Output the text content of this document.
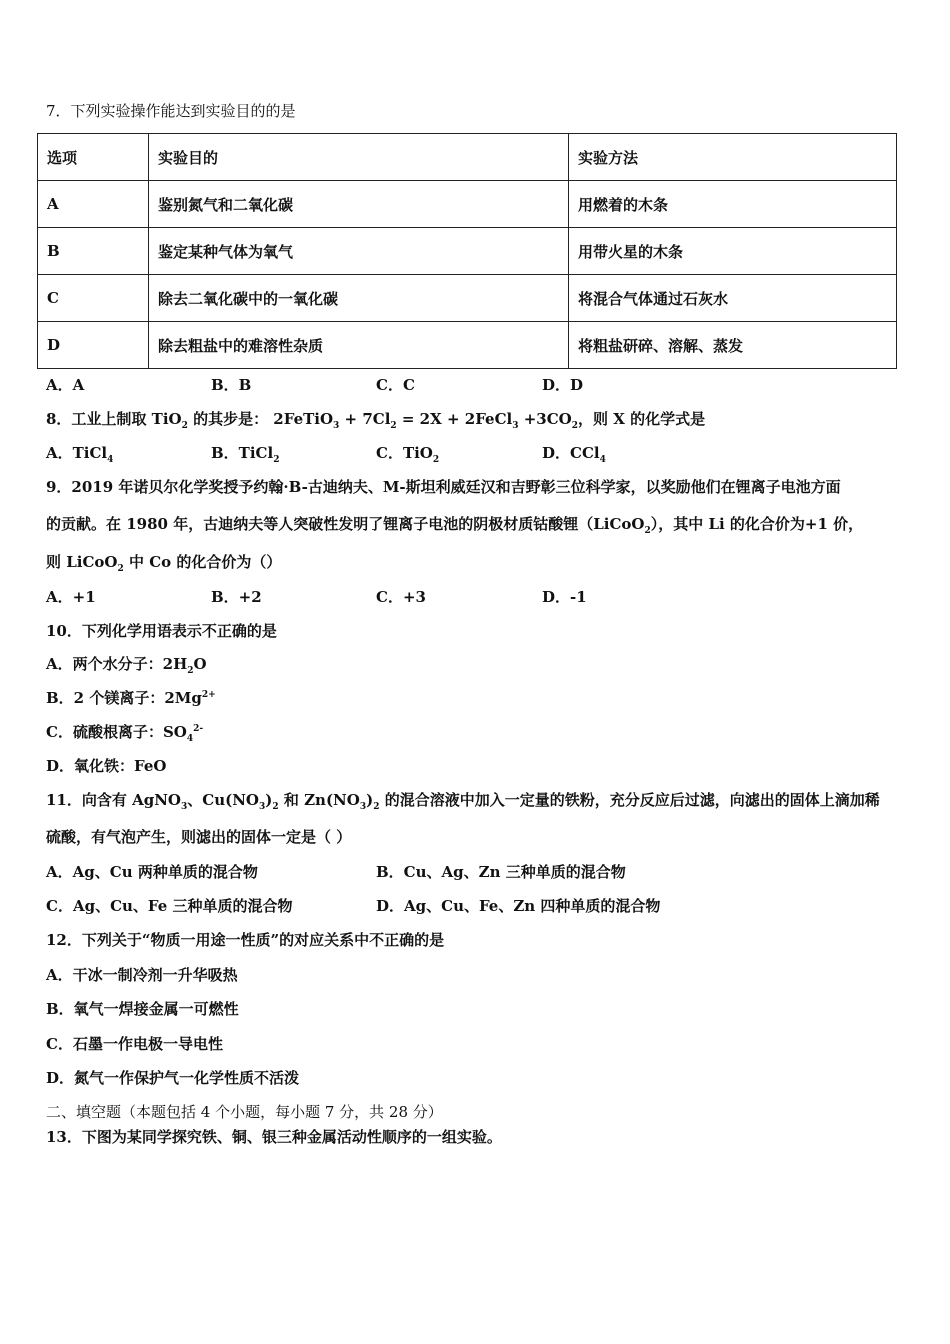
7．下列实验操作能达到实验目的的是
选项	实验目的	实验方法
A	鉴别氮气和二氧化碳	用燃着的木条
B	鉴定某种气体为氧气	用带火星的木条
C	除去二氧化碳中的一氧化碳	将混合气体通过石灰水
D	除去粗盐中的难溶性杂质	将粗盐研碎、溶解、蒸发
A．A	B．B	C．C	D．D
8．工业上制取 TiO$_2$ 的其步是： 2FeTiO$_3$ + $7Cl_2 = 2X$ + 2FeCl$_3$ $+3CO_2$，则 X 的化学式是
A．TiCl$_4$	B．TiCl$_2$	C．TiO$_2$	D．CCl$_4$
9．2019 年诺贝尔化学奖授予约翰·B-古迪纳夫、M-斯坦利威廷汉和吉野彰三位科学家，以奖励他们在锂离子电池方面
的贡献。在 1980 年，古迪纳夫等人突破性发明了锂离子电池的阴极材质钴酸锂（LiCoO$_2$），其中 Li 的化合价为+1 价，
则 LiCoO$_2$ 中 Co 的化合价为（）
A．+1	B．+2	C．+3	D．-1
10．下列化学用语表示不正确的是
A．两个水分子：$2H_2O$
B．2 个镁离子：$2Mg^{2+}$
C．硫酸根离子：$SO_4^{2-}$
D．氧化铁：FeO
11．向含有 AgNO$_3$、$Cu(NO_3)_2$ 和 $Zn(NO_3)_2$ 的混合溶液中加入一定量的铁粉，充分反应后过滤，向滤出的固体上滴加稀
硫酸，有气泡产生，则滤出的固体一定是（ ）
A．Ag、Cu 两种单质的混合物	B．Cu、Ag、Zn 三种单质的混合物
C．Ag、Cu、Fe 三种单质的混合物	D．Ag、Cu、Fe、Zn 四种单质的混合物
12．下列关于“物质一用途一性质”的对应关系中不正确的是
A．干冰一制冷剂一升华吸热
B．氧气一焊接金属一可燃性
C．石墨一作电极一导电性
D．氮气一作保护气一化学性质不活泼
二、填空题（本题包括 4 个小题，每小题 7 分，共 28 分）
13．下图为某同学探究铁、铜、银三种金属活动性顺序的一组实验。
